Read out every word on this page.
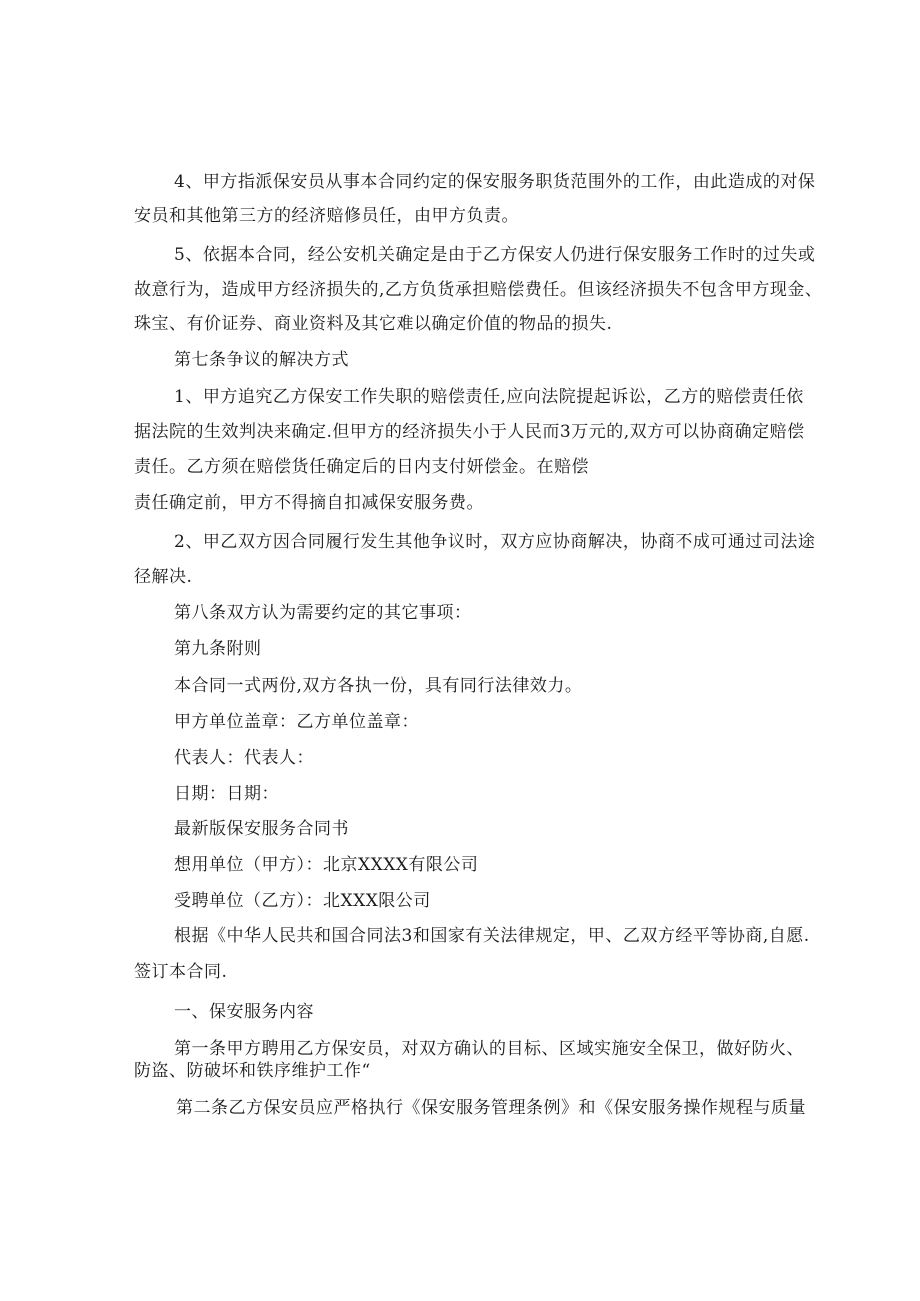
4、甲方指派保安员从事本合同约定的保安服务职货范围外的工作，由此造成的对保
安员和其他第三方的经济赔修员任，由甲方负责。
5、依据本合同，经公安机关确定是由于乙方保安人仍进行保安服务工作时的过失或
故意行为，造成甲方经济损失的,乙方负货承担赔偿费任。但该经济损失不包含甲方现金、
珠宝、有价证券、商业资料及其它难以确定价值的物品的损失.
第七条争议的解决方式
1、甲方追究乙方保安工作失职的赔偿责任,应向法院提起诉讼，乙方的赔偿责任依
据法院的生效判决来确定.但甲方的经济损失小于人民而3万元的,双方可以协商确定赔偿
责任。乙方须在赔偿货任确定后的日内支付妍偿金。在赔偿
责任确定前，甲方不得摘自扣减保安服务费。
2、甲乙双方因合同履行发生其他争议时，双方应协商解决，协商不成可通过司法途
径解决.
第八条双方认为需要约定的其它事项：
第九条附则
本合同一式两份,双方各执一份，具有同行法律效力。
甲方单位盖章：乙方单位盖章：
代表人：代表人：
日期：日期：
最新版保安服务合同书
想用单位（甲方）：北京XXXX有限公司
受聘单位（乙方）：北XXX限公司
根据《中华人民共和国合同法3和国家有关法律规定，甲、乙双方经平等协商,自愿.
签订本合同.
一、保安服务内容
第一条甲方聘用乙方保安员，对双方确认的目标、区域实施安全保卫，做好防火、
防盗、防破坏和铁序维护工作“
第二条乙方保安员应严格执行《保安服务管理条例》和《保安服务操作规程与质量
